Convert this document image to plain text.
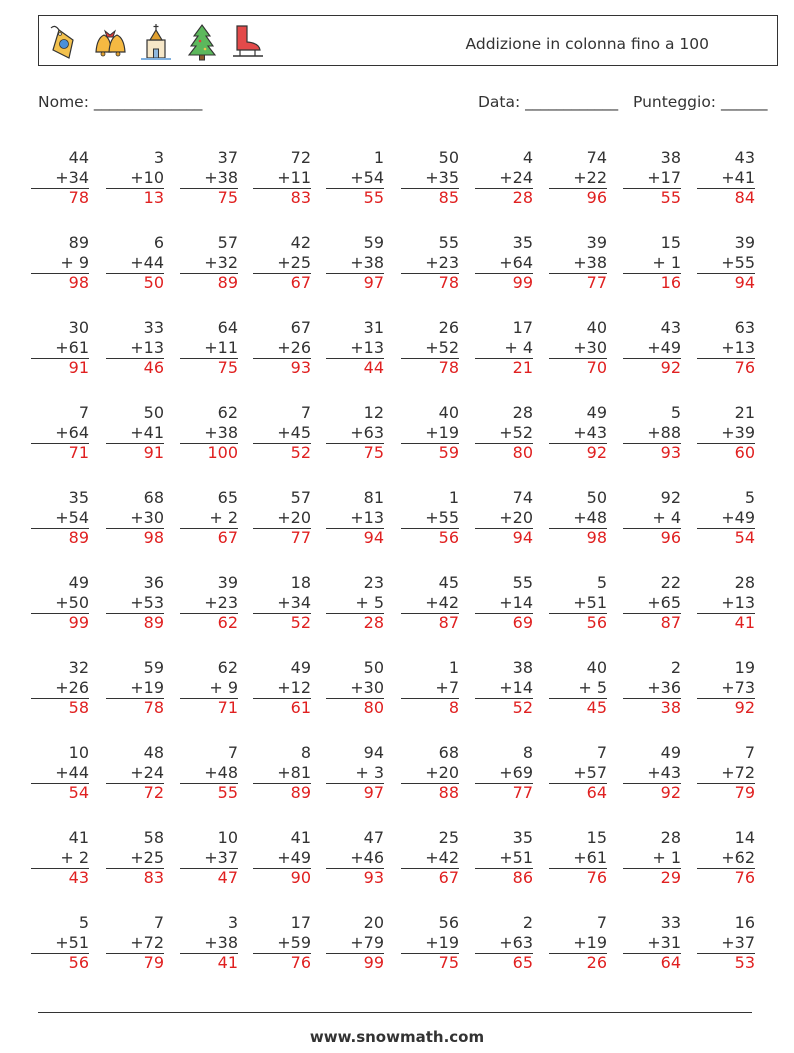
Addizione in colonna fino a 100
Nome: ______________	Data: ____________ Punteggio: ______
44
+34
78
3
+10
13
37
+38
75
72
+11
83
1
+54
55
50
+35
85
4
+24
28
74
+22
96
38
+17
55
43
+41
84
89
+ 9
98
6
+44
50
57
+32
89
42
+25
67
59
+38
97
55
+23
78
35
+64
99
39
+38
77
15
+ 1
16
39
+55
94
30
+61
91
33
+13
46
64
+11
75
67
+26
93
31
+13
44
26
+52
78
17
+ 4
21
40
+30
70
43
+49
92
63
+13
76
7
+64
71
50
+41
91
62
+38
100
7
+45
52
12
+63
75
40
+19
59
28
+52
80
49
+43
92
5
+88
93
21
+39
60
35
+54
89
68
+30
98
65
+ 2
67
57
+20
77
81
+13
94
1
+55
56
74
+20
94
50
+48
98
92
+ 4
96
5
+49
54
49
+50
99
36
+53
89
39
+23
62
18
+34
52
23
+ 5
28
45
+42
87
55
+14
69
5
+51
56
22
+65
87
28
+13
41
32
+26
58
59
+19
78
62
+ 9
71
49
+12
61
50
+30
80
1
+7
8
38
+14
52
40
+ 5
45
2
+36
38
19
+73
92
10
+44
54
48
+24
72
7
+48
55
8
+81
89
94
+ 3
97
68
+20
88
8
+69
77
7
+57
64
49
+43
92
7
+72
79
41
+ 2
43
58
+25
83
10
+37
47
41
+49
90
47
+46
93
25
+42
67
35
+51
86
15
+61
76
28
+ 1
29
14
+62
76
5
+51
56
7
+72
79
3
+38
41
17
+59
76
20
+79
99
56
+19
75
2
+63
65
7
+19
26
33
+31
64
16
+37
53
www.snowmath.com
